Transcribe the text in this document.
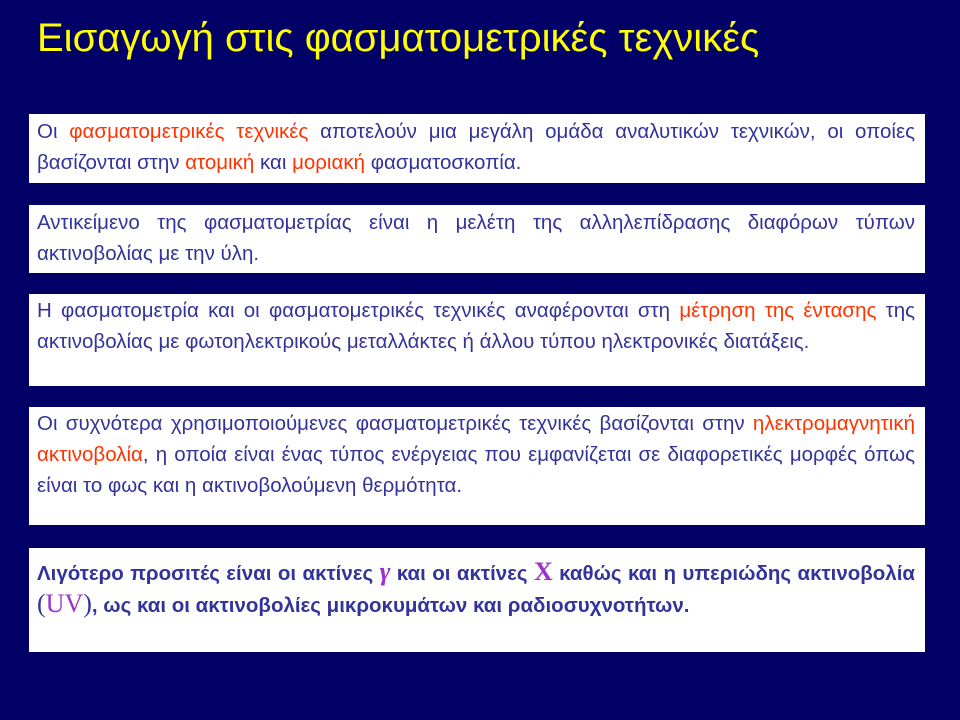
Εισαγωγή στις φασματομετρικές τεχνικές
Οι φασματομετρικές τεχνικές αποτελούν μια μεγάλη ομάδα αναλυτικών τεχνικών, οι οποίες βασίζονται στην ατομική και μοριακή φασματοσκοπία.
Αντικείμενο της φασματομετρίας είναι η μελέτη της αλληλεπίδρασης διαφόρων τύπων ακτινοβολίας με την ύλη.
Η φασματομετρία και οι φασματομετρικές τεχνικές αναφέρονται στη μέτρηση της έντασης της ακτινοβολίας με φωτοηλεκτρικούς μεταλλάκτες ή άλλου τύπου ηλεκτρονικές διατάξεις.
Οι συχνότερα χρησιμοποιούμενες φασματομετρικές τεχνικές βασίζονται στην ηλεκτρομαγνητική ακτινοβολία, η οποία είναι ένας τύπος ενέργειας που εμφανίζεται σε διαφορετικές μορφές όπως είναι το φως και η ακτινοβολούμενη θερμότητα.
Λιγότερο προσιτές είναι οι ακτίνες γ και οι ακτίνες X καθώς και η υπεριώδης ακτινοβολία (UV), ως και οι ακτινοβολίες μικροκυμάτων και ραδιοσυχνοτήτων.
